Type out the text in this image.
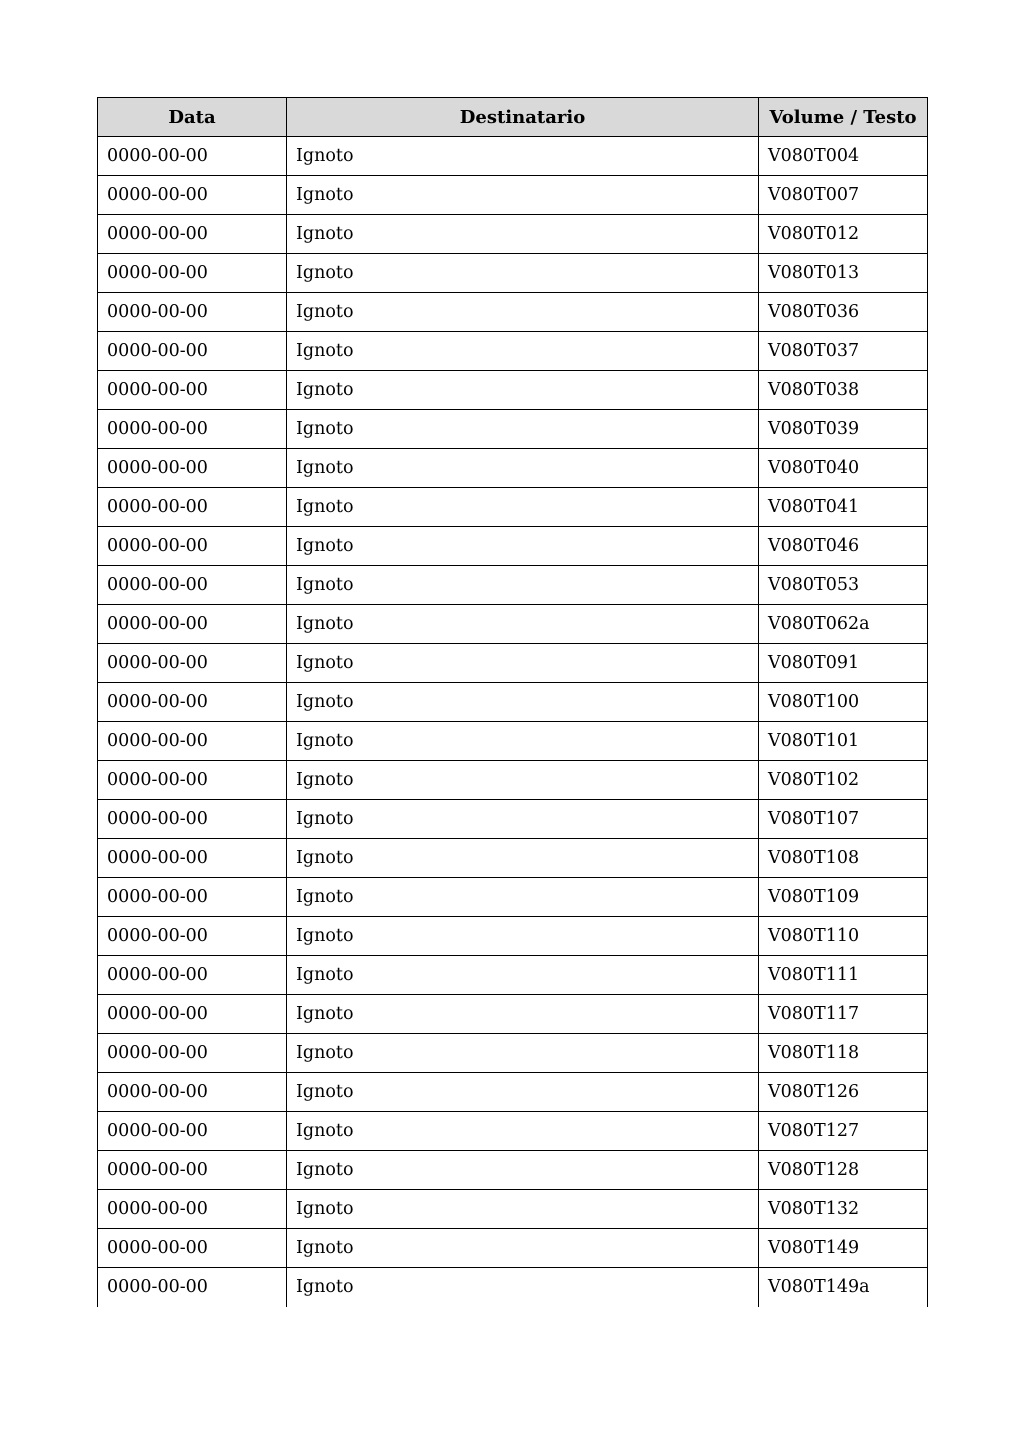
Data	Destinatario	Volume / Testo
0000-00-00	Ignoto	V080T004
0000-00-00	Ignoto	V080T007
0000-00-00	Ignoto	V080T012
0000-00-00	Ignoto	V080T013
0000-00-00	Ignoto	V080T036
0000-00-00	Ignoto	V080T037
0000-00-00	Ignoto	V080T038
0000-00-00	Ignoto	V080T039
0000-00-00	Ignoto	V080T040
0000-00-00	Ignoto	V080T041
0000-00-00	Ignoto	V080T046
0000-00-00	Ignoto	V080T053
0000-00-00	Ignoto	V080T062a
0000-00-00	Ignoto	V080T091
0000-00-00	Ignoto	V080T100
0000-00-00	Ignoto	V080T101
0000-00-00	Ignoto	V080T102
0000-00-00	Ignoto	V080T107
0000-00-00	Ignoto	V080T108
0000-00-00	Ignoto	V080T109
0000-00-00	Ignoto	V080T110
0000-00-00	Ignoto	V080T111
0000-00-00	Ignoto	V080T117
0000-00-00	Ignoto	V080T118
0000-00-00	Ignoto	V080T126
0000-00-00	Ignoto	V080T127
0000-00-00	Ignoto	V080T128
0000-00-00	Ignoto	V080T132
0000-00-00	Ignoto	V080T149
0000-00-00	Ignoto	V080T149a
